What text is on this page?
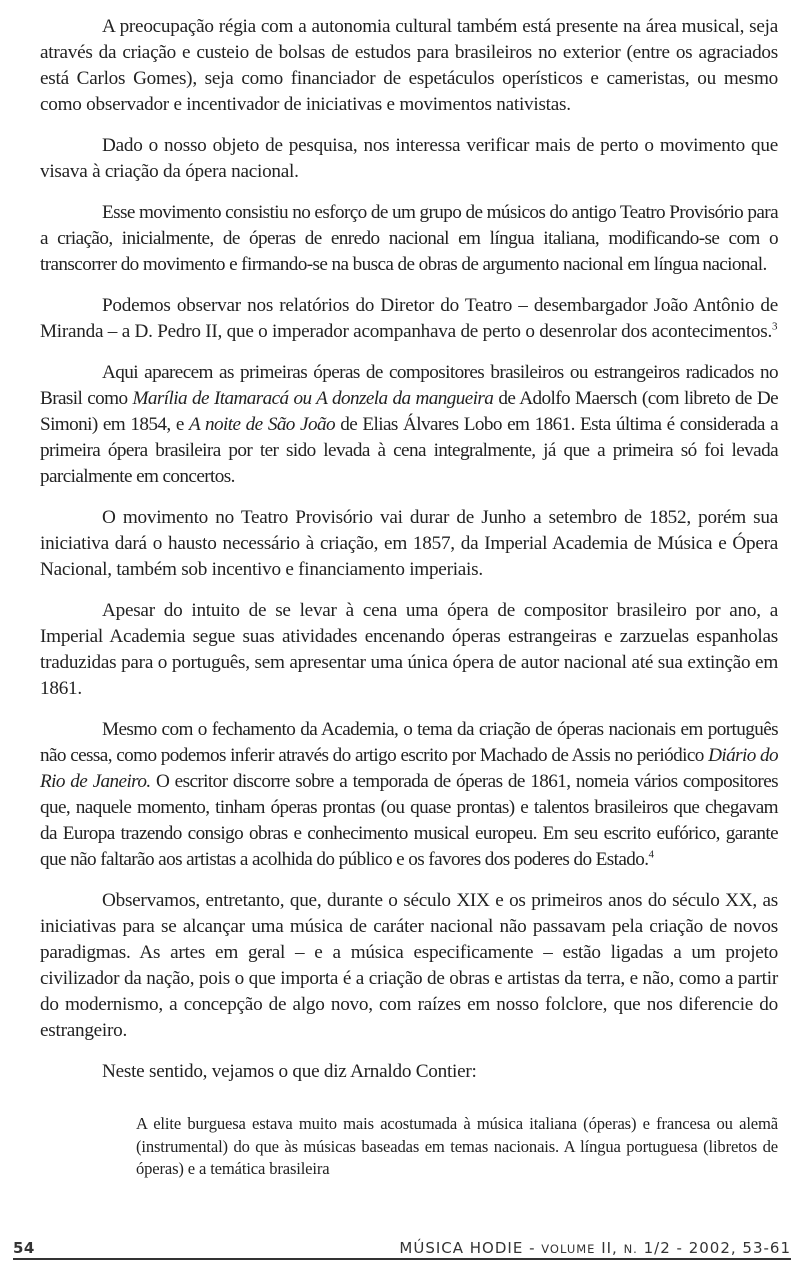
A preocupação régia com a autonomia cultural também está presente na área musical, seja através da criação e custeio de bolsas de estudos para brasileiros no exterior (entre os agraciados está Carlos Gomes), seja como financiador de espetáculos operísticos e cameristas, ou mesmo como observador e incentivador de iniciativas e movimentos nativistas.

Dado o nosso objeto de pesquisa, nos interessa verificar mais de perto o movimento que visava à criação da ópera nacional.

Esse movimento consistiu no esforço de um grupo de músicos do antigo Teatro Provisório para a criação, inicialmente, de óperas de enredo nacional em língua italiana, modificando-se com o transcorrer do movimento e firmando-se na busca de obras de argumento nacional em língua nacional.

Podemos observar nos relatórios do Diretor do Teatro – desembargador João Antônio de Miranda – a D. Pedro II, que o imperador acompanhava de perto o desenrolar dos acontecimentos.$^3$

Aqui aparecem as primeiras óperas de compositores brasileiros ou estrangeiros radicados no Brasil como Marília de Itamaracá ou A donzela da mangueira de Adolfo Maersch (com libreto de De Simoni) em 1854, e A noite de São João de Elias Álvares Lobo em 1861. Esta última é considerada a primeira ópera brasileira por ter sido levada à cena integralmente, já que a primeira só foi levada parcialmente em concertos.

O movimento no Teatro Provisório vai durar de Junho a setembro de 1852, porém sua iniciativa dará o hausto necessário à criação, em 1857, da Imperial Academia de Música e Ópera Nacional, também sob incentivo e financiamento imperiais.

Apesar do intuito de se levar à cena uma ópera de compositor brasileiro por ano, a Imperial Academia segue suas atividades encenando óperas estrangeiras e zarzuelas espanholas traduzidas para o português, sem apresentar uma única ópera de autor nacional até sua extinção em 1861.

Mesmo com o fechamento da Academia, o tema da criação de óperas nacionais em português não cessa, como podemos inferir através do artigo escrito por Machado de Assis no periódico Diário do Rio de Janeiro. O escritor discorre sobre a temporada de óperas de 1861, nomeia vários compositores que, naquele momento, tinham óperas prontas (ou quase prontas) e talentos brasileiros que chegavam da Europa trazendo consigo obras e conhecimento musical europeu. Em seu escrito eufórico, garante que não faltarão aos artistas a acolhida do público e os favores dos poderes do Estado.$^4$

Observamos, entretanto, que, durante o século XIX e os primeiros anos do século XX, as iniciativas para se alcançar uma música de caráter nacional não passavam pela criação de novos paradigmas. As artes em geral – e a música especificamente – estão ligadas a um projeto civilizador da nação, pois o que importa é a criação de obras e artistas da terra, e não, como a partir do modernismo, a concepção de algo novo, com raízes em nosso folclore, que nos diferencie do estrangeiro.

Neste sentido, vejamos o que diz Arnaldo Contier:

A elite burguesa estava muito mais acostumada à música italiana (óperas) e francesa ou alemã (instrumental) do que às músicas baseadas em temas nacionais. A língua portuguesa (libretos de óperas) e a temática brasileira
54	MÚSICA HODIE - VOLUME II, N. 1/2 - 2002, 53-61
